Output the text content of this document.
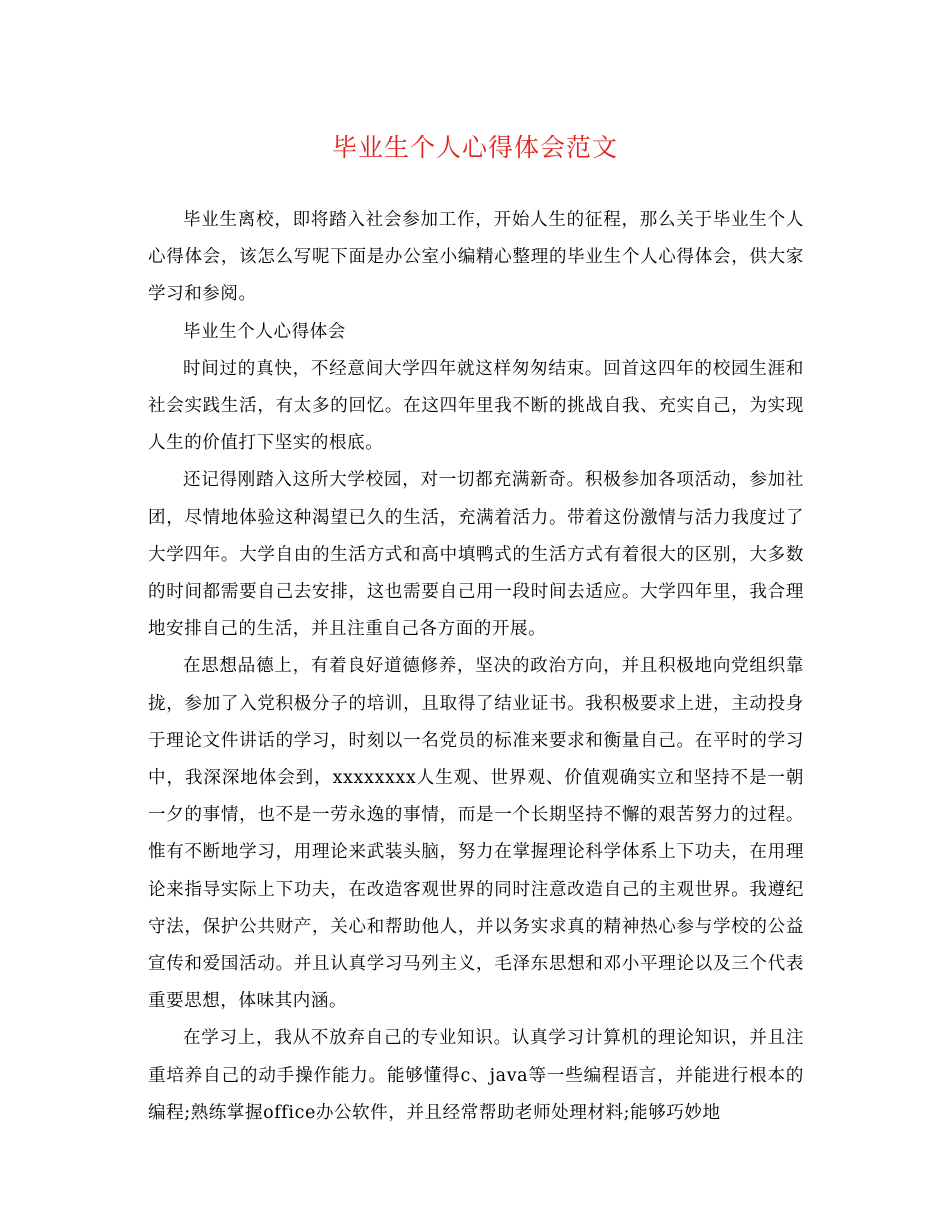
毕业生个人心得体会范文

毕业生离校，即将踏入社会参加工作，开始人生的征程，那么关于毕业生个人心得体会，该怎么写呢下面是办公室小编精心整理的毕业生个人心得体会，供大家学习和参阅。

毕业生个人心得体会

时间过的真快，不经意间大学四年就这样匆匆结束。回首这四年的校园生涯和社会实践生活，有太多的回忆。在这四年里我不断的挑战自我、充实自己，为实现人生的价值打下坚实的根底。

还记得刚踏入这所大学校园，对一切都充满新奇。积极参加各项活动，参加社团，尽情地体验这种渴望已久的生活，充满着活力。带着这份激情与活力我度过了大学四年。大学自由的生活方式和高中填鸭式的生活方式有着很大的区别，大多数的时间都需要自己去安排，这也需要自己用一段时间去适应。大学四年里，我合理地安排自己的生活，并且注重自己各方面的开展。

在思想品德上，有着良好道德修养，坚决的政治方向，并且积极地向党组织靠拢，参加了入党积极分子的培训，且取得了结业证书。我积极要求上进，主动投身于理论文件讲话的学习，时刻以一名党员的标准来要求和衡量自己。在平时的学习中，我深深地体会到，xxxxxxxx人生观、世界观、价值观确实立和坚持不是一朝一夕的事情，也不是一劳永逸的事情，而是一个长期坚持不懈的艰苦努力的过程。惟有不断地学习，用理论来武装头脑，努力在掌握理论科学体系上下功夫，在用理论来指导实际上下功夫，在改造客观世界的同时注意改造自己的主观世界。我遵纪守法，保护公共财产，关心和帮助他人，并以务实求真的精神热心参与学校的公益宣传和爱国活动。并且认真学习马列主义，毛泽东思想和邓小平理论以及三个代表重要思想，体味其内涵。

在学习上，我从不放弃自己的专业知识。认真学习计算机的理论知识，并且注重培养自己的动手操作能力。能够懂得c、java等一些编程语言，并能进行根本的编程;熟练掌握office办公软件，并且经常帮助老师处理材料;能够巧妙地
